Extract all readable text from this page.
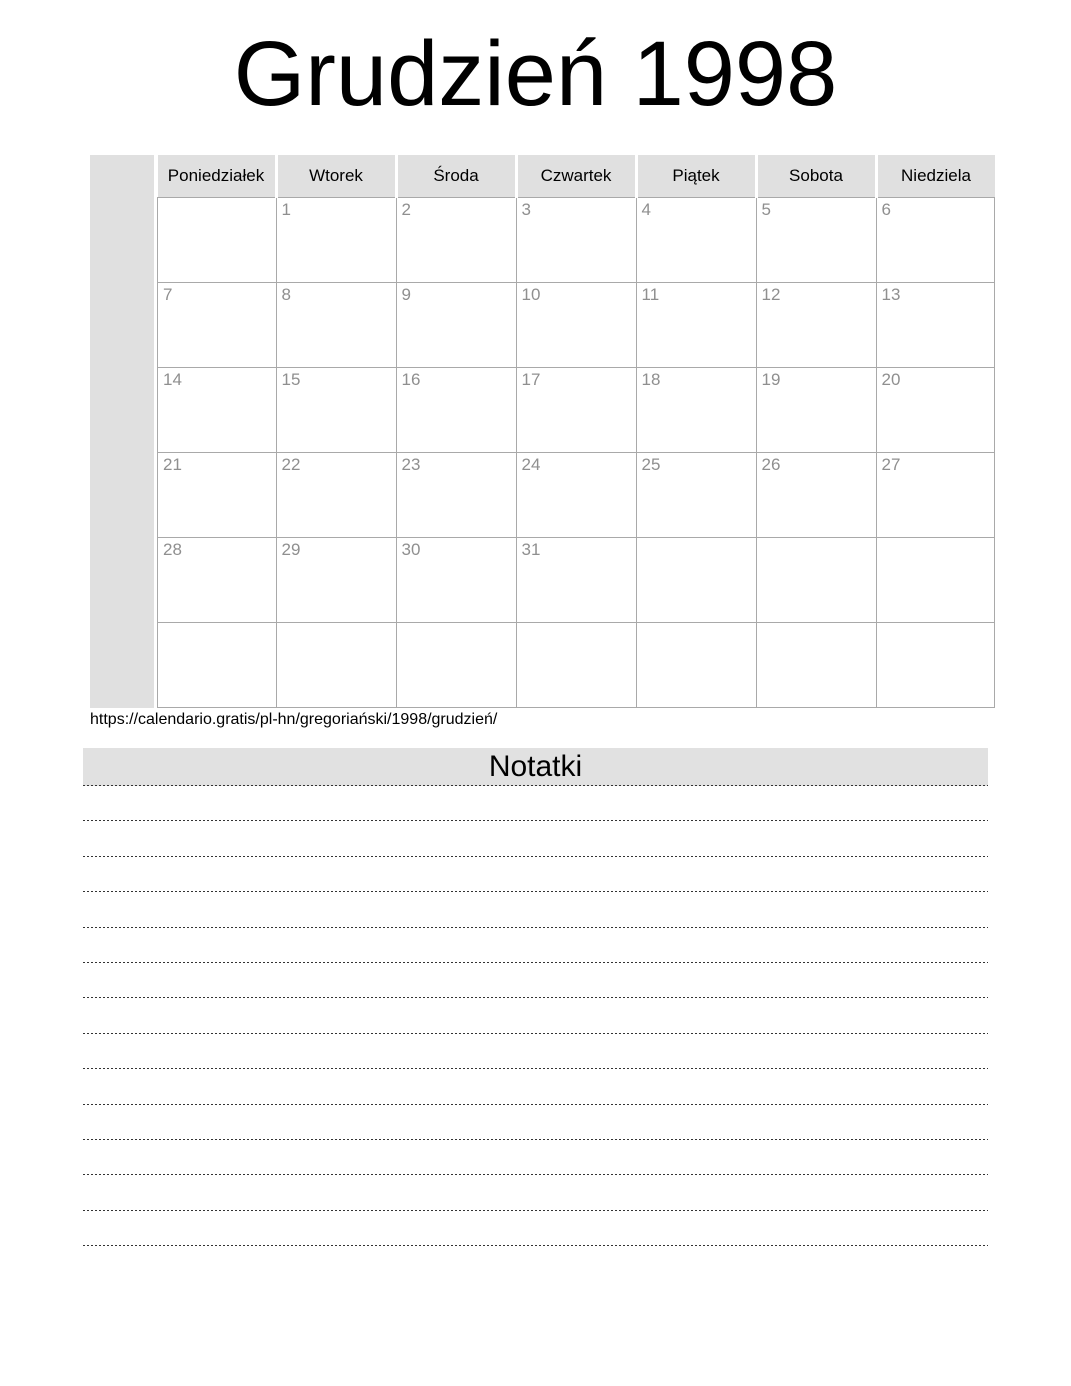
Grudzień 1998
Poniedziałek	Wtorek	Środa	Czwartek	Piątek	Sobota	Niedziela

	1	2	3	4	5	6

7	8	9	10	11	12	13

14	15	16	17	18	19	20

21	22	23	24	25	26	27

28	29	30	31			

https://calendario.gratis/pl-hn/gregoriański/1998/grudzień/
Notatki
